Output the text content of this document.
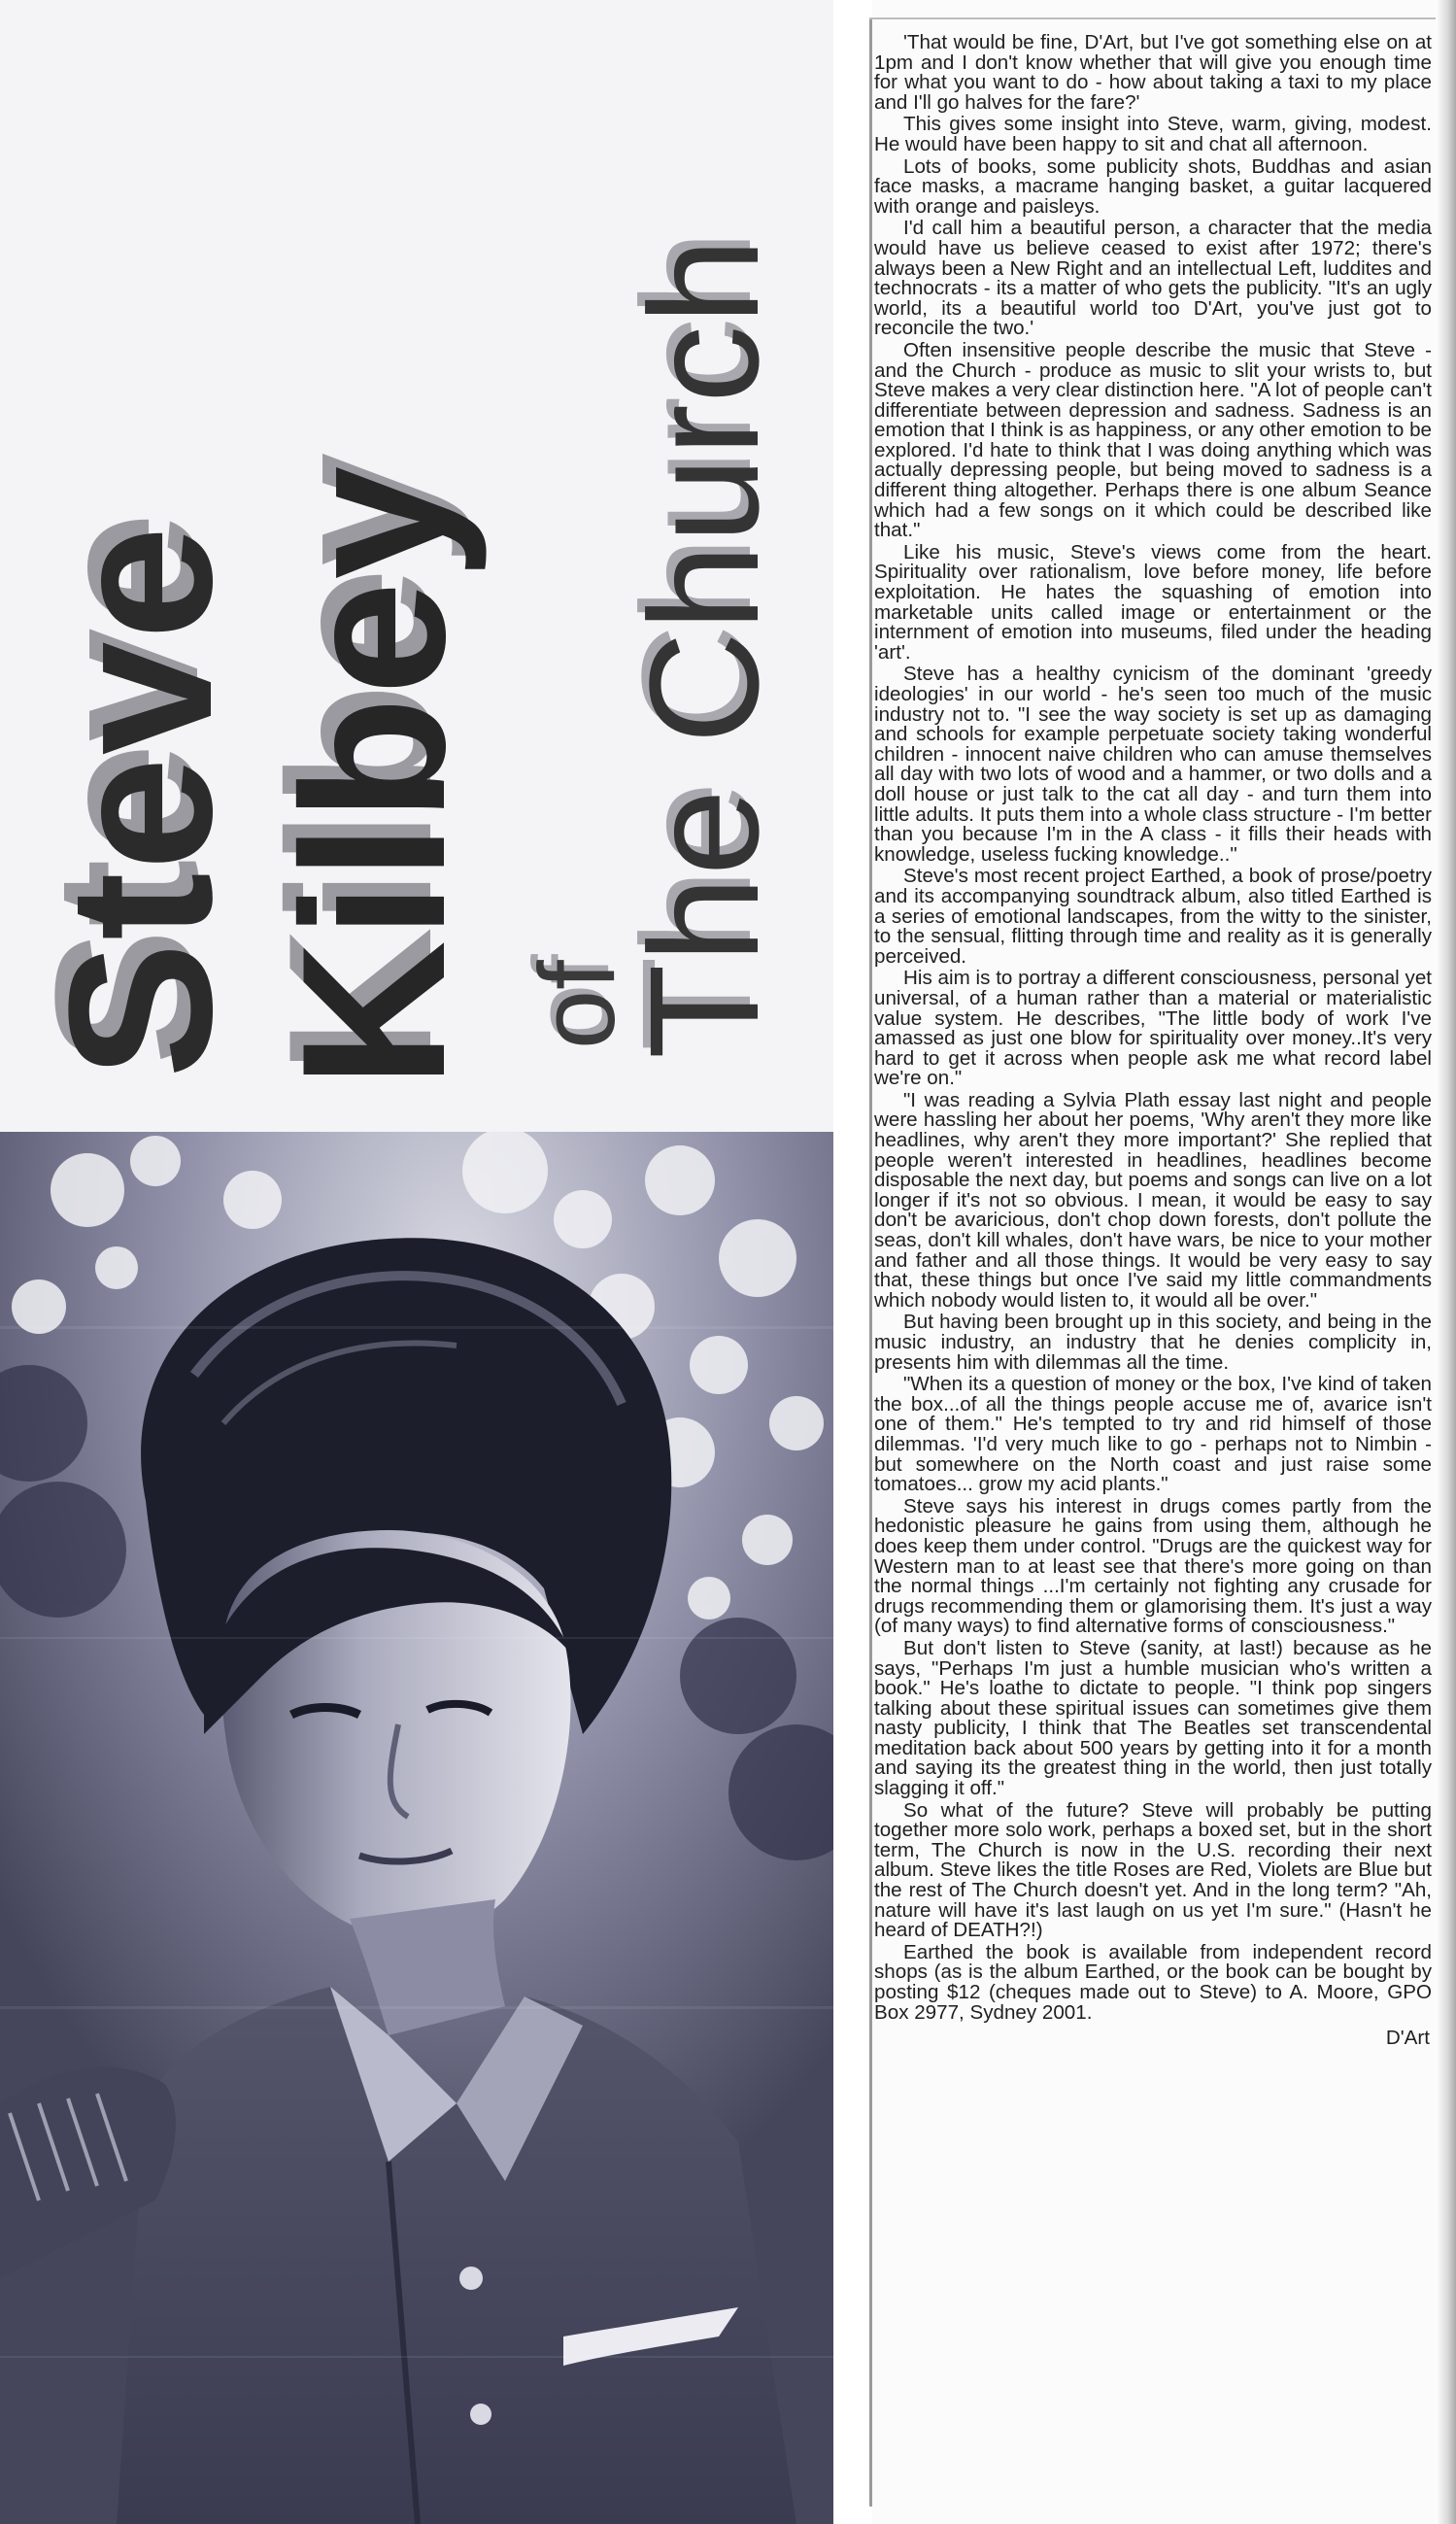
Steve Kilbey of
The Church

'That would be fine, D'Art, but I've got something else on at 1pm and I don't know whether that will give you enough time for what you want to do - how about taking a taxi to my place and I'll go halves for the fare?'

This gives some insight into Steve, warm, giving, modest. He would have been happy to sit and chat all afternoon.

Lots of books, some publicity shots, Buddhas and asian face masks, a macrame hanging basket, a guitar lacquered with orange and paisleys.

I'd call him a beautiful person, a character that the media would have us believe ceased to exist after 1972; there's always been a New Right and an intellectual Left, luddites and technocrats - its a matter of who gets the publicity. "It's an ugly world, its a beautiful world too D'Art, you've just got to reconcile the two.'

Often insensitive people describe the music that Steve - and the Church - produce as music to slit your wrists to, but Steve makes a very clear distinction here. "A lot of people can't differentiate between depression and sadness. Sadness is an emotion that I think is as happiness, or any other emotion to be explored. I'd hate to think that I was doing anything which was actually depressing people, but being moved to sadness is a different thing altogether. Perhaps there is one album Seance which had a few songs on it which could be described like that."

Like his music, Steve's views come from the heart. Spirituality over rationalism, love before money, life before exploitation. He hates the squashing of emotion into marketable units called image or entertainment or the internment of emotion into museums, filed under the heading 'art'.

Steve has a healthy cynicism of the dominant 'greedy ideologies' in our world - he's seen too much of the music industry not to. "I see the way society is set up as damaging and schools for example perpetuate society taking wonderful children - innocent naive children who can amuse themselves all day with two lots of wood and a hammer, or two dolls and a doll house or just talk to the cat all day - and turn them into little adults. It puts them into a whole class structure - I'm better than you because I'm in the A class - it fills their heads with knowledge, useless fucking knowledge.."

Steve's most recent project Earthed, a book of prose/poetry and its accompanying soundtrack album, also titled Earthed is a series of emotional landscapes, from the witty to the sinister, to the sensual, flitting through time and reality as it is generally perceived.

His aim is to portray a different consciousness, personal yet universal, of a human rather than a material or materialistic value system. He describes, "The little body of work I've amassed as just one blow for spirituality over money..It's very hard to get it across when people ask me what record label we're on."

"I was reading a Sylvia Plath essay last night and people were hassling her about her poems, 'Why aren't they more like headlines, why aren't they more important?' She replied that people weren't interested in headlines, headlines become disposable the next day, but poems and songs can live on a lot longer if it's not so obvious. I mean, it would be easy to say don't be avaricious, don't chop down forests, don't pollute the seas, don't kill whales, don't have wars, be nice to your mother and father and all those things. It would be very easy to say that, these things but once I've said my little commandments which nobody would listen to, it would all be over."

But having been brought up in this society, and being in the music industry, an industry that he denies complicity in, presents him with dilemmas all the time.

"When its a question of money or the box, I've kind of taken the box...of all the things people accuse me of, avarice isn't one of them." He's tempted to try and rid himself of those dilemmas. 'I'd very much like to go - perhaps not to Nimbin - but somewhere on the North coast and just raise some tomatoes... grow my acid plants."

Steve says his interest in drugs comes partly from the hedonistic pleasure he gains from using them, although he does keep them under control. "Drugs are the quickest way for Western man to at least see that there's more going on than the normal things ...I'm certainly not fighting any crusade for drugs recommending them or glamorising them. It's just a way (of many ways) to find alternative forms of consciousness."

But don't listen to Steve (sanity, at last!) because as he says, "Perhaps I'm just a humble musician who's written a book." He's loathe to dictate to people. "I think pop singers talking about these spiritual issues can sometimes give them nasty publicity, I think that The Beatles set transcendental meditation back about 500 years by getting into it for a month and saying its the greatest thing in the world, then just totally slagging it off."

So what of the future? Steve will probably be putting together more solo work, perhaps a boxed set, but in the short term, The Church is now in the U.S. recording their next album. Steve likes the title Roses are Red, Violets are Blue but the rest of The Church doesn't yet. And in the long term? "Ah, nature will have it's last laugh on us yet I'm sure." (Hasn't he heard of DEATH?!)

Earthed the book is available from independent record shops (as is the album Earthed, or the book can be bought by posting $12 (cheques made out to Steve) to A. Moore, GPO Box 2977, Sydney 2001.

D'Art
